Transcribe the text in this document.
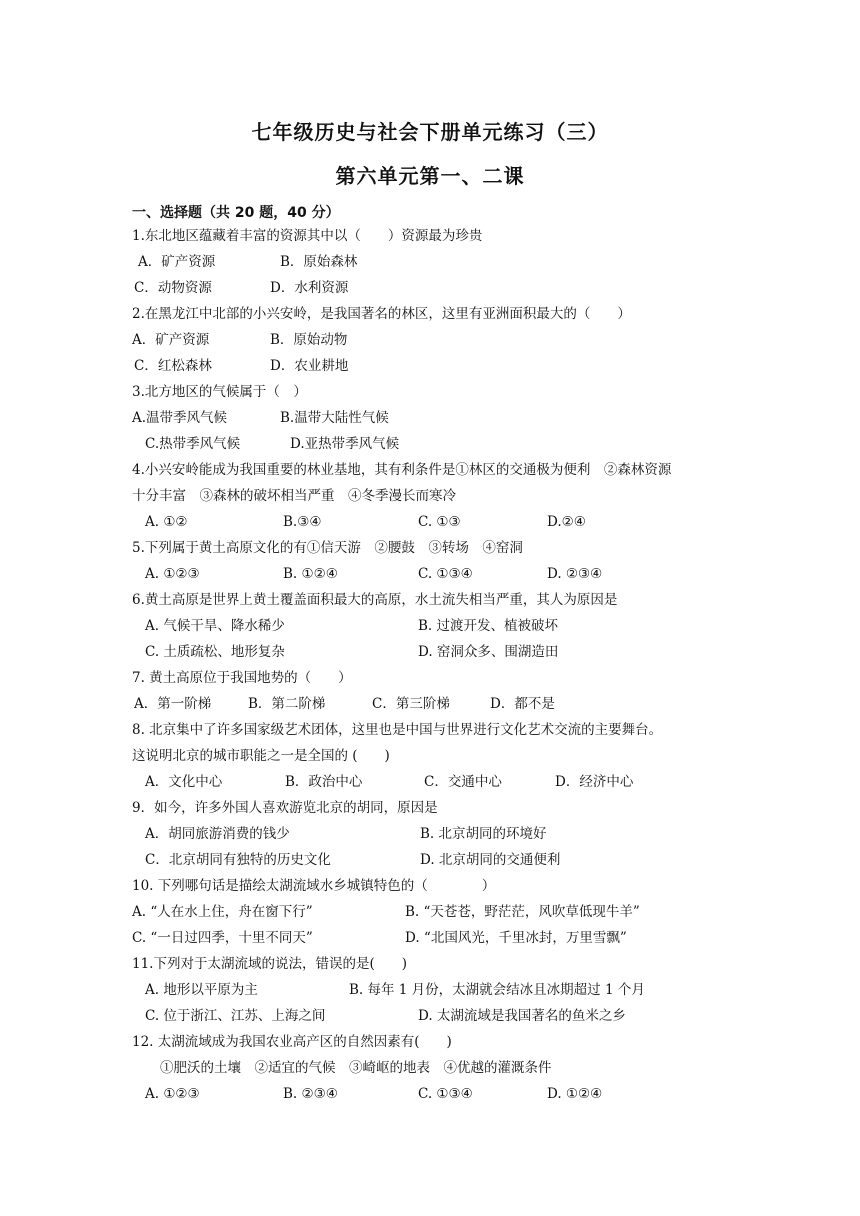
七年级历史与社会下册单元练习（三）
第六单元第一、二课
一、选择题（共 20 题，40 分）
1.东北地区蕴藏着丰富的资源其中以（　　）资源最为珍贵
A．矿产资源	B．原始森林
C．动物资源	D．水利资源
2.在黑龙江中北部的小兴安岭，是我国著名的林区，这里有亚洲面积最大的（　　）
A．矿产资源	B．原始动物
C．红松森林	D．农业耕地
3.北方地区的气候属于（　）
A.温带季风气候	B.温带大陆性气候
C.热带季风气候	D.亚热带季风气候
4.小兴安岭能成为我国重要的林业基地，其有利条件是①林区的交通极为便利　②森林资源
十分丰富　③森林的破坏相当严重　④冬季漫长而寒冷
A. ①②	B.③④	C. ①③	D.②④
5.下列属于黄土高原文化的有①信天游　②腰鼓　③转场　④窑洞
A. ①②③	B. ①②④	C. ①③④	D. ②③④
6.黄土高原是世界上黄土覆盖面积最大的高原，水土流失相当严重，其人为原因是
A. 气候干旱、降水稀少	B. 过渡开发、植被破坏
C. 土质疏松、地形复杂	D. 窑洞众多、围湖造田
7. 黄土高原位于我国地势的（　　）
A．第一阶梯	B．第二阶梯	C．第三阶梯	D．都不是
8. 北京集中了许多国家级艺术团体，这里也是中国与世界进行文化艺术交流的主要舞台。
这说明北京的城市职能之一是全国的 (　　)
A．文化中心	B．政治中心	C．交通中心	D．经济中心
9．如今，许多外国人喜欢游览北京的胡同，原因是
A．胡同旅游消费的钱少	B. 北京胡同的环境好
C．北京胡同有独特的历史文化	D. 北京胡同的交通便利
10. 下列哪句话是描绘太湖流域水乡城镇特色的（　　　　）
A. “人在水上住，舟在窗下行”	B. “天苍苍，野茫茫，风吹草低现牛羊”
C. “一日过四季，十里不同天”	D. “北国风光，千里冰封，万里雪飘”
11.下列对于太湖流域的说法，错误的是(　　)
A. 地形以平原为主	B. 每年 1 月份，太湖就会结冰且冰期超过 1 个月
C. 位于浙江、江苏、上海之间	D. 太湖流域是我国著名的鱼米之乡
12. 太湖流域成为我国农业高产区的自然因素有(　　)
①肥沃的土壤　②适宜的气候　③崎岖的地表　④优越的灌溉条件
A. ①②③	B. ②③④	C. ①③④	D. ①②④
